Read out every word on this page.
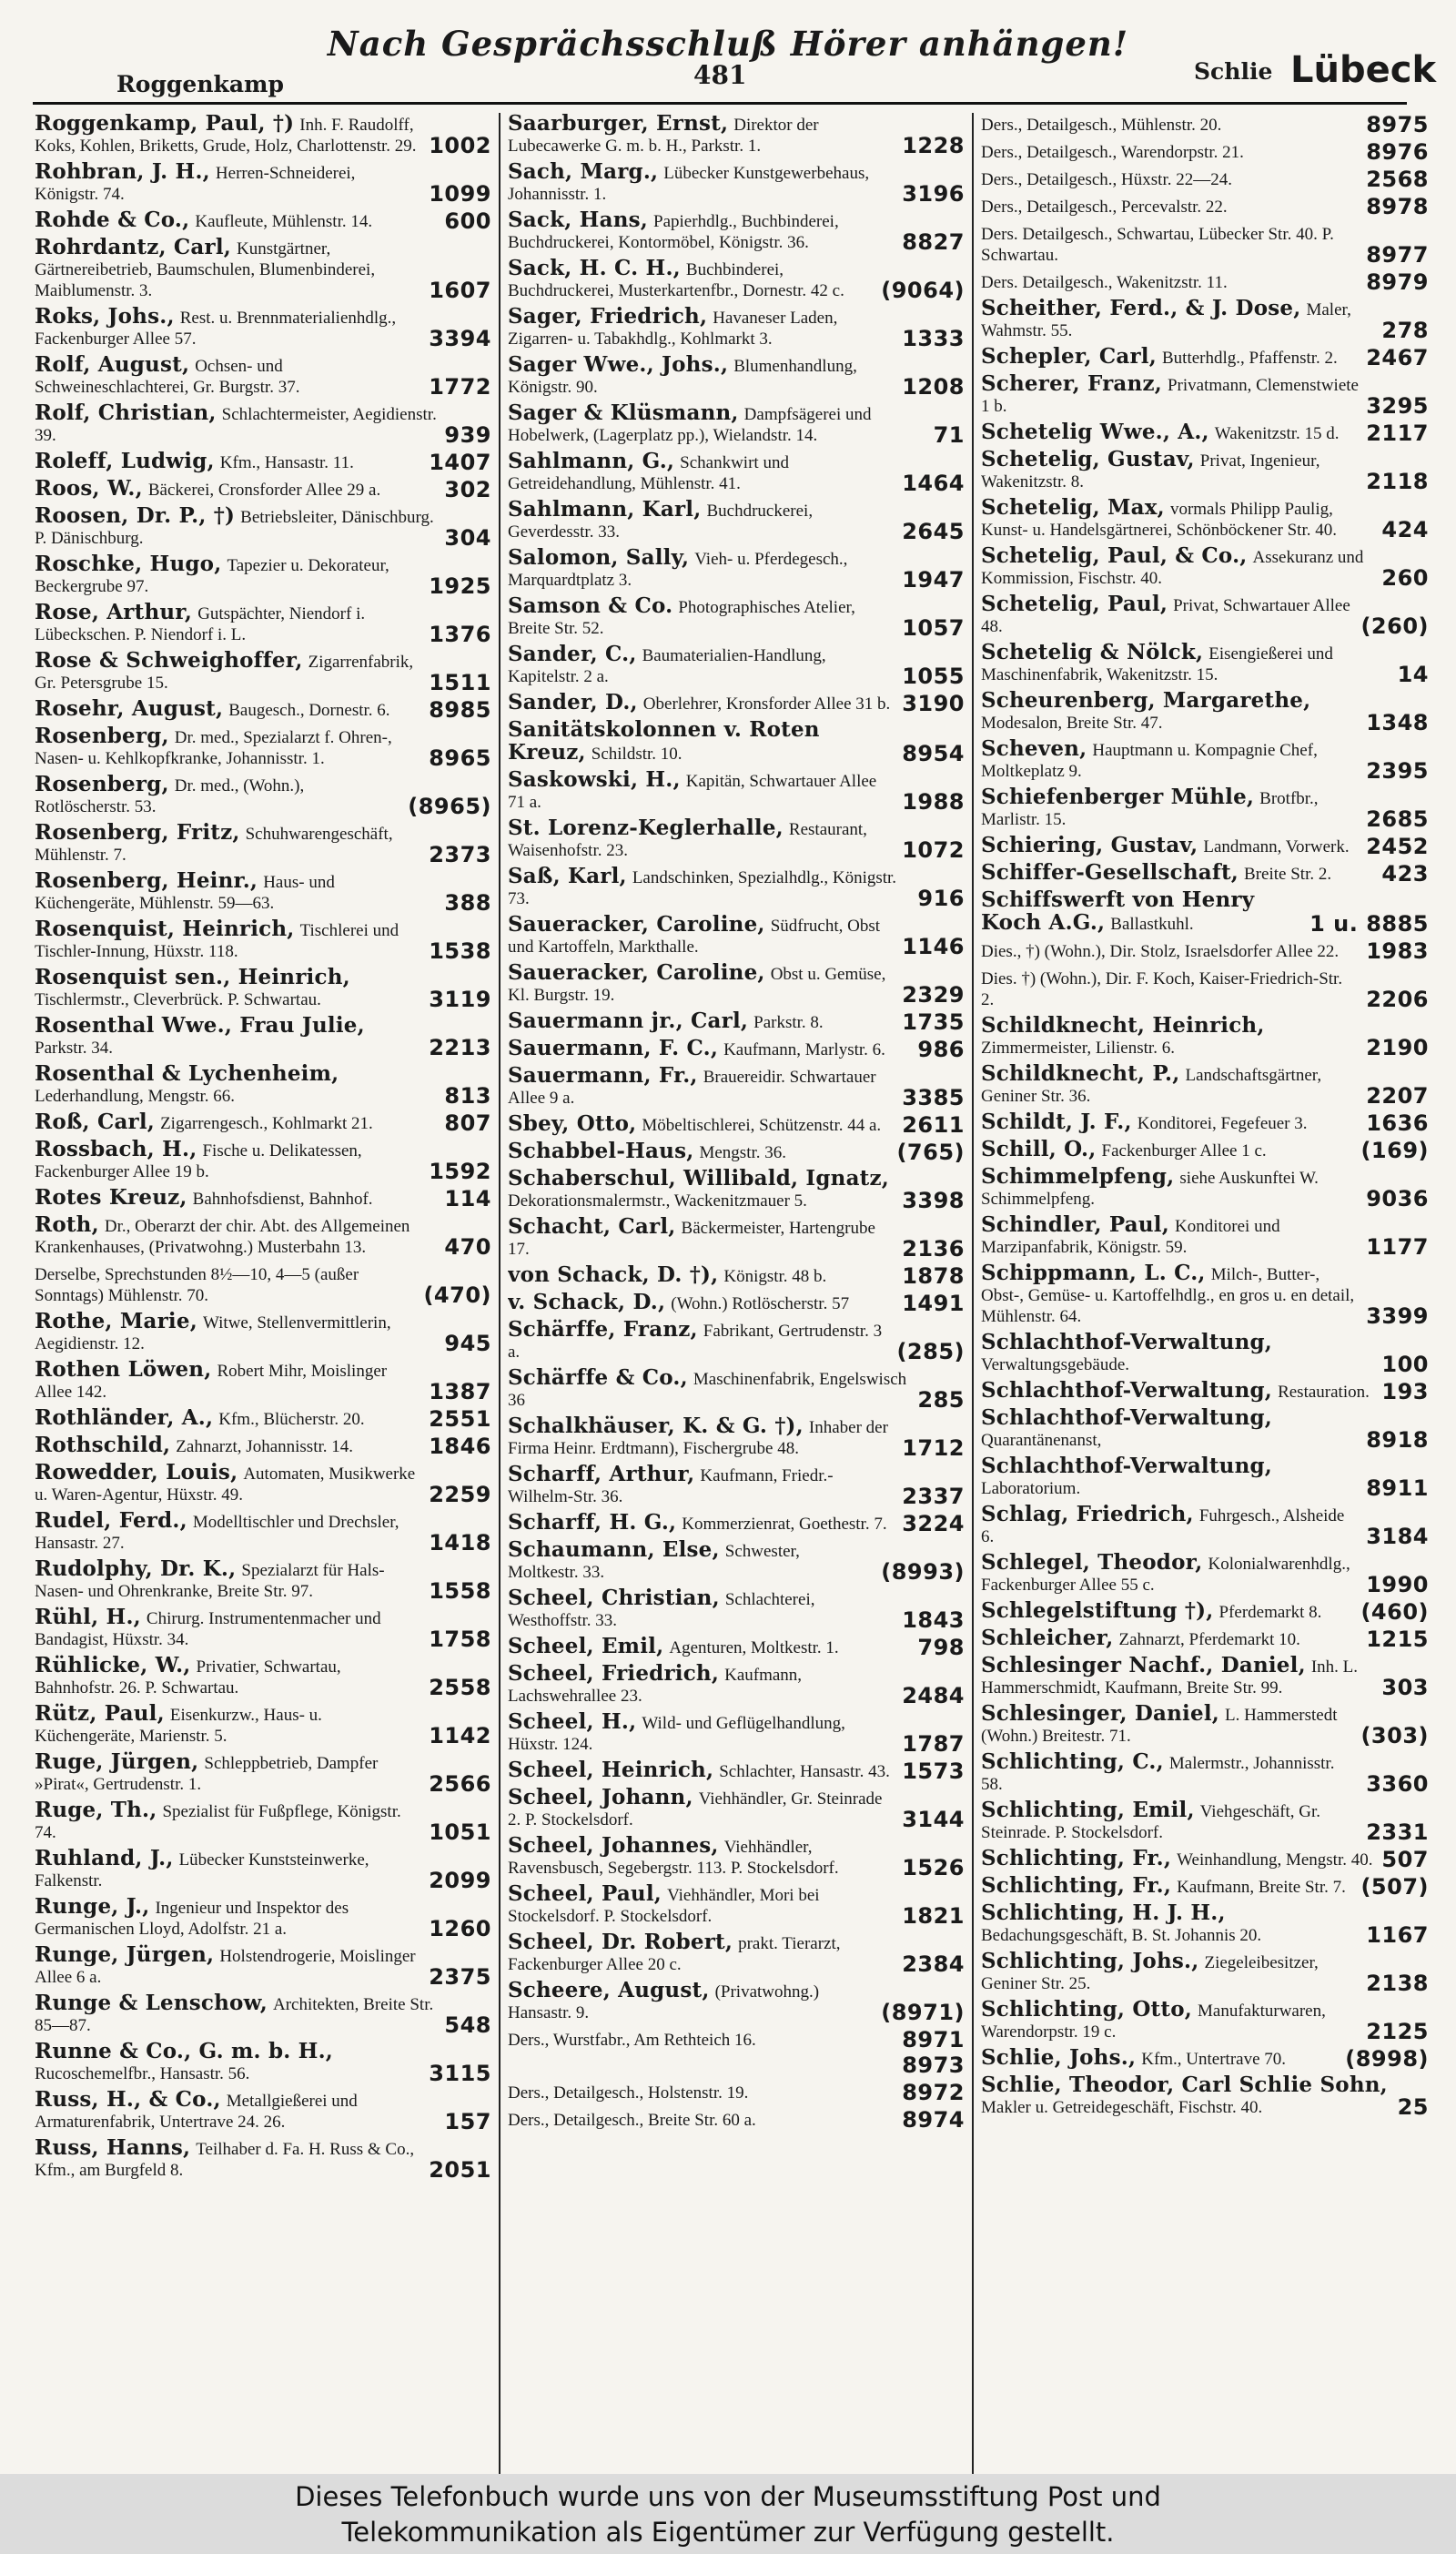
Nach Gesprächsschluß Hörer anhängen!
Roggenkamp	481	Schlie Lübeck
Roggenkamp, Paul, †) Inh. F. Raudolff, Koks, Kohlen, Briketts, Grude, Holz, Charlottenstr. 29. 1002
Rohbran, J. H., Herren-Schneiderei, Königstr. 74.	1099
Rohde & Co., Kaufleute, Mühlenstr. 14.	600
Rohrdantz, Carl, Kunstgärtner, Gärtnereibetrieb, Baumschulen, Blumenbinderei, Maiblumenstr. 3.	1607
Roks, Johs., Rest. u. Brennmaterialienhdlg., Fackenburger Allee 57.	3394
Rolf, August, Ochsen- und Schweineschlachterei, Gr. Burgstr. 37.	1772
Rolf, Christian, Schlachtermeister, Aegidienstr. 39.	939
Roleff, Ludwig, Kfm., Hansastr. 11.	1407
Roos, W., Bäckerei, Cronsforder Allee 29 a.	302
Roosen, Dr. P., †) Betriebsleiter, Dänischburg. P. Dänischburg.	304
Roschke, Hugo, Tapezier u. Dekorateur, Beckergrube 97.	1925
Rose, Arthur, Gutspächter, Niendorf i. Lübeckschen. P. Niendorf i. L.	1376
Rose & Schweighoffer, Zigarrenfabrik, Gr. Petersgrube 15.	1511
Rosehr, August, Baugesch., Dornestr. 6.	8985
Rosenberg, Dr. med., Spezialarzt f. Ohren-, Nasen- u. Kehlkopfkranke, Johannisstr. 1.	8965
Rosenberg, Dr. med., (Wohn.), Rotlöscherstr. 53.	(8965)
Rosenberg, Fritz, Schuhwarengeschäft, Mühlenstr. 7.	2373
Rosenberg, Heinr., Haus- und Küchengeräte, Mühlenstr. 59—63.	388
Rosenquist, Heinrich, Tischlerei und Tischler-Innung, Hüxstr. 118.	1538
Rosenquist sen., Heinrich, Tischlermstr., Cleverbrück. P. Schwartau.	3119
Rosenthal Wwe., Frau Julie, Parkstr. 34.	2213
Rosenthal & Lychenheim, Lederhandlung, Mengstr. 66.	813
Roß, Carl, Zigarrengesch., Kohlmarkt 21.	807
Rossbach, H., Fische u. Delikatessen, Fackenburger Allee 19 b.	1592
Rotes Kreuz, Bahnhofsdienst, Bahnhof.	114
Roth, Dr., Oberarzt der chir. Abt. des Allgemeinen Krankenhauses, (Privatwohng.) Musterbahn 13.	470
Derselbe, Sprechstunden 8½—10, 4—5 (außer Sonntags) Mühlenstr. 70.	(470)
Rothe, Marie, Witwe, Stellenvermittlerin, Aegidienstr. 12.	945
Rothen Löwen, Robert Mihr, Moislinger Allee 142.	1387
Rothländer, A., Kfm., Blücherstr. 20.	2551
Rothschild, Zahnarzt, Johannisstr. 14.	1846
Rowedder, Louis, Automaten, Musikwerke u. Waren-Agentur, Hüxstr. 49.	2259
Rudel, Ferd., Modelltischler und Drechsler, Hansastr. 27.	1418
Rudolphy, Dr. K., Spezialarzt für Hals-Nasen- und Ohrenkranke, Breite Str. 97.	1558
Rühl, H., Chirurg. Instrumentenmacher und Bandagist, Hüxstr. 34.	1758
Rühlicke, W., Privatier, Schwartau, Bahnhofstr. 26. P. Schwartau.	2558
Rütz, Paul, Eisenkurzw., Haus- u. Küchengeräte, Marienstr. 5.	1142
Ruge, Jürgen, Schleppbetrieb, Dampfer »Pirat«, Gertrudenstr. 1.	2566
Ruge, Th., Spezialist für Fußpflege, Königstr. 74.	1051
Ruhland, J., Lübecker Kunststeinwerke, Falkenstr.	2099
Runge, J., Ingenieur und Inspektor des Germanischen Lloyd, Adolfstr. 21 a.	1260
Runge, Jürgen, Holstendrogerie, Moislinger Allee 6 a.	2375
Runge & Lenschow, Architekten, Breite Str. 85—87.	548
Runne & Co., G. m. b. H., Rucoschemelfbr., Hansastr. 56.	3115
Russ, H., & Co., Metallgießerei und Armaturenfabrik, Untertrave 24. 26.	157
Russ, Hanns, Teilhaber d. Fa. H. Russ & Co., Kfm., am Burgfeld 8.	2051
Saarburger, Ernst, Direktor der Lubecawerke G. m. b. H., Parkstr. 1.	1228
Sach, Marg., Lübecker Kunstgewerbehaus, Johannisstr. 1.	3196
Sack, Hans, Papierhdlg., Buchbinderei, Buchdruckerei, Kontormöbel, Königstr. 36.	8827
Sack, H. C. H., Buchbinderei, Buchdruckerei, Musterkartenfbr., Dornestr. 42 c.	(9064)
Sager, Friedrich, Havaneser Laden, Zigarren- u. Tabakhdlg., Kohlmarkt 3.	1333
Sager Wwe., Johs., Blumenhandlung, Königstr. 90.	1208
Sager & Klüsmann, Dampfsägerei und Hobelwerk, (Lagerplatz pp.), Wielandstr. 14.	71
Sahlmann, G., Schankwirt und Getreidehandlung, Mühlenstr. 41.	1464
Sahlmann, Karl, Buchdruckerei, Geverdesstr. 33.	2645
Salomon, Sally, Vieh- u. Pferdegesch., Marquardtplatz 3.	1947
Samson & Co. Photographisches Atelier, Breite Str. 52.	1057
Sander, C., Baumaterialien-Handlung, Kapitelstr. 2 a.	1055
Sander, D., Oberlehrer, Kronsforder Allee 31 b. 3190
Sanitätskolonnen v. Roten Kreuz, Schildstr. 10.	8954
Saskowski, H., Kapitän, Schwartauer Allee 71 a.	1988
St. Lorenz-Keglerhalle, Restaurant, Waisenhofstr. 23.	1072
Saß, Karl, Landschinken, Spezialhdlg., Königstr. 73.	916
Saueracker, Caroline, Südfrucht, Obst und Kartoffeln, Markthalle.	1146
Saueracker, Caroline, Obst u. Gemüse, Kl. Burgstr. 19.	2329
Sauermann jr., Carl, Parkstr. 8.	1735
Sauermann, F. C., Kaufmann, Marlystr. 6.	986
Sauermann, Fr., Brauereidir. Schwartauer Allee 9 a.	3385
Sbey, Otto, Möbeltischlerei, Schützenstr. 44 a. 2611
Schabbel-Haus, Mengstr. 36.	(765)
Schaberschul, Willibald, Ignatz, Dekorationsmalermstr., Wackenitzmauer 5.	3398
Schacht, Carl, Bäckermeister, Hartengrube 17.	2136
von Schack, D. †), Königstr. 48 b.	1878
v. Schack, D., (Wohn.) Rotlöscherstr. 57	1491
Schärffe, Franz, Fabrikant, Gertrudenstr. 3 a.	(285)
Schärffe & Co., Maschinenfabrik, Engelswisch 36	285
Schalkhäuser, K. & G. †), Inhaber der Firma Heinr. Erdtmann), Fischergrube 48.	1712
Scharff, Arthur, Kaufmann, Friedr.-Wilhelm-Str. 36.	2337
Scharff, H. G., Kommerzienrat, Goethestr. 7. 3224
Schaumann, Else, Schwester, Moltkestr. 33.	(8993)
Scheel, Christian, Schlachterei, Westhoffstr. 33.	1843
Scheel, Emil, Agenturen, Moltkestr. 1.	798
Scheel, Friedrich, Kaufmann, Lachswehrallee 23.	2484
Scheel, H., Wild- und Geflügelhandlung, Hüxstr. 124.	1787
Scheel, Heinrich, Schlachter, Hansastr. 43. 1573
Scheel, Johann, Viehhändler, Gr. Steinrade 2. P. Stockelsdorf.	3144
Scheel, Johannes, Viehhändler, Ravensbusch, Segebergstr. 113. P. Stockelsdorf.	1526
Scheel, Paul, Viehhändler, Mori bei Stockelsdorf. P. Stockelsdorf.	1821
Scheel, Dr. Robert, prakt. Tierarzt, Fackenburger Allee 20 c.	2384
Scheere, August, (Privatwohng.) Hansastr. 9.	(8971)
Ders., Wurstfabr., Am Rethteich 16.	8971
8973
Ders., Detailgesch., Holstenstr. 19.	8972
Ders., Detailgesch., Breite Str. 60 a.	8974
Ders., Detailgesch., Mühlenstr. 20.	8975
Ders., Detailgesch., Warendorpstr. 21.	8976
Ders., Detailgesch., Hüxstr. 22—24.	2568
Ders., Detailgesch., Percevalstr. 22.	8978
Ders. Detailgesch., Schwartau, Lübecker Str. 40. P. Schwartau.	8977
Ders. Detailgesch., Wakenitzstr. 11.	8979
Scheither, Ferd., & J. Dose, Maler, Wahmstr. 55.	278
Schepler, Carl, Butterhdlg., Pfaffenstr. 2.	2467
Scherer, Franz, Privatmann, Clemenstwiete 1 b.	3295
Schetelig Wwe., A., Wakenitzstr. 15 d.	2117
Schetelig, Gustav, Privat, Ingenieur, Wakenitzstr. 8.	2118
Schetelig, Max, vormals Philipp Paulig, Kunst- u. Handelsgärtnerei, Schönböckener Str. 40.	424
Schetelig, Paul, & Co., Assekuranz und Kommission, Fischstr. 40.	260
Schetelig, Paul, Privat, Schwartauer Allee 48.	(260)
Schetelig & Nölck, Eisengießerei und Maschinenfabrik, Wakenitzstr. 15.	14
Scheurenberg, Margarethe, Modesalon, Breite Str. 47.	1348
Scheven, Hauptmann u. Kompagnie Chef, Moltkeplatz 9.	2395
Schiefenberger Mühle, Brotfbr., Marlistr. 15.	2685
Schiering, Gustav, Landmann, Vorwerk. 2452
Schiffer-Gesellschaft, Breite Str. 2.	423
Schiffswerft von Henry Koch A.G., Ballastkuhl.	1 u. 8885
Dies., †) (Wohn.), Dir. Stolz, Israelsdorfer Allee 22.	1983
Dies. †) (Wohn.), Dir. F. Koch, Kaiser-Friedrich-Str. 2.	2206
Schildknecht, Heinrich, Zimmermeister, Lilienstr. 6.	2190
Schildknecht, P., Landschaftsgärtner, Geniner Str. 36.	2207
Schildt, J. F., Konditorei, Fegefeuer 3.	1636
Schill, O., Fackenburger Allee 1 c.	(169)
Schimmelpfeng, siehe Auskunftei W. Schimmelpfeng.	9036
Schindler, Paul, Konditorei und Marzipanfabrik, Königstr. 59.	1177
Schippmann, L. C., Milch-, Butter-, Obst-, Gemüse- u. Kartoffelhdlg., en gros u. en detail, Mühlenstr. 64.	3399
Schlachthof-Verwaltung, Verwaltungsgebäude.	100
Schlachthof-Verwaltung, Restauration. 193
Schlachthof-Verwaltung, Quarantänenanst,	8918
Schlachthof-Verwaltung, Laboratorium.	8911
Schlag, Friedrich, Fuhrgesch., Alsheide 6.	3184
Schlegel, Theodor, Kolonialwarenhdlg., Fackenburger Allee 55 c.	1990
Schlegelstiftung †), Pferdemarkt 8.	(460)
Schleicher, Zahnarzt, Pferdemarkt 10.	1215
Schlesinger Nachf., Daniel, Inh. L. Hammerschmidt, Kaufmann, Breite Str. 99.	303
Schlesinger, Daniel, L. Hammerstedt (Wohn.) Breitestr. 71.	(303)
Schlichting, C., Malermstr., Johannisstr. 58.	3360
Schlichting, Emil, Viehgeschäft, Gr. Steinrade. P. Stockelsdorf.	2331
Schlichting, Fr., Weinhandlung, Mengstr. 40. 507
Schlichting, Fr., Kaufmann, Breite Str. 7. (507)
Schlichting, H. J. H., Bedachungsgeschäft, B. St. Johannis 20.	1167
Schlichting, Johs., Ziegeleibesitzer, Geniner Str. 25.	2138
Schlichting, Otto, Manufakturwaren, Warendorpstr. 19 c.	2125
Schlie, Johs., Kfm., Untertrave 70.	(8998)
Schlie, Theodor, Carl Schlie Sohn, Makler u. Getreidegeschäft, Fischstr. 40.	25
Dieses Telefonbuch wurde uns von der Museumsstiftung Post und
Telekommunikation als Eigentümer zur Verfügung gestellt.
